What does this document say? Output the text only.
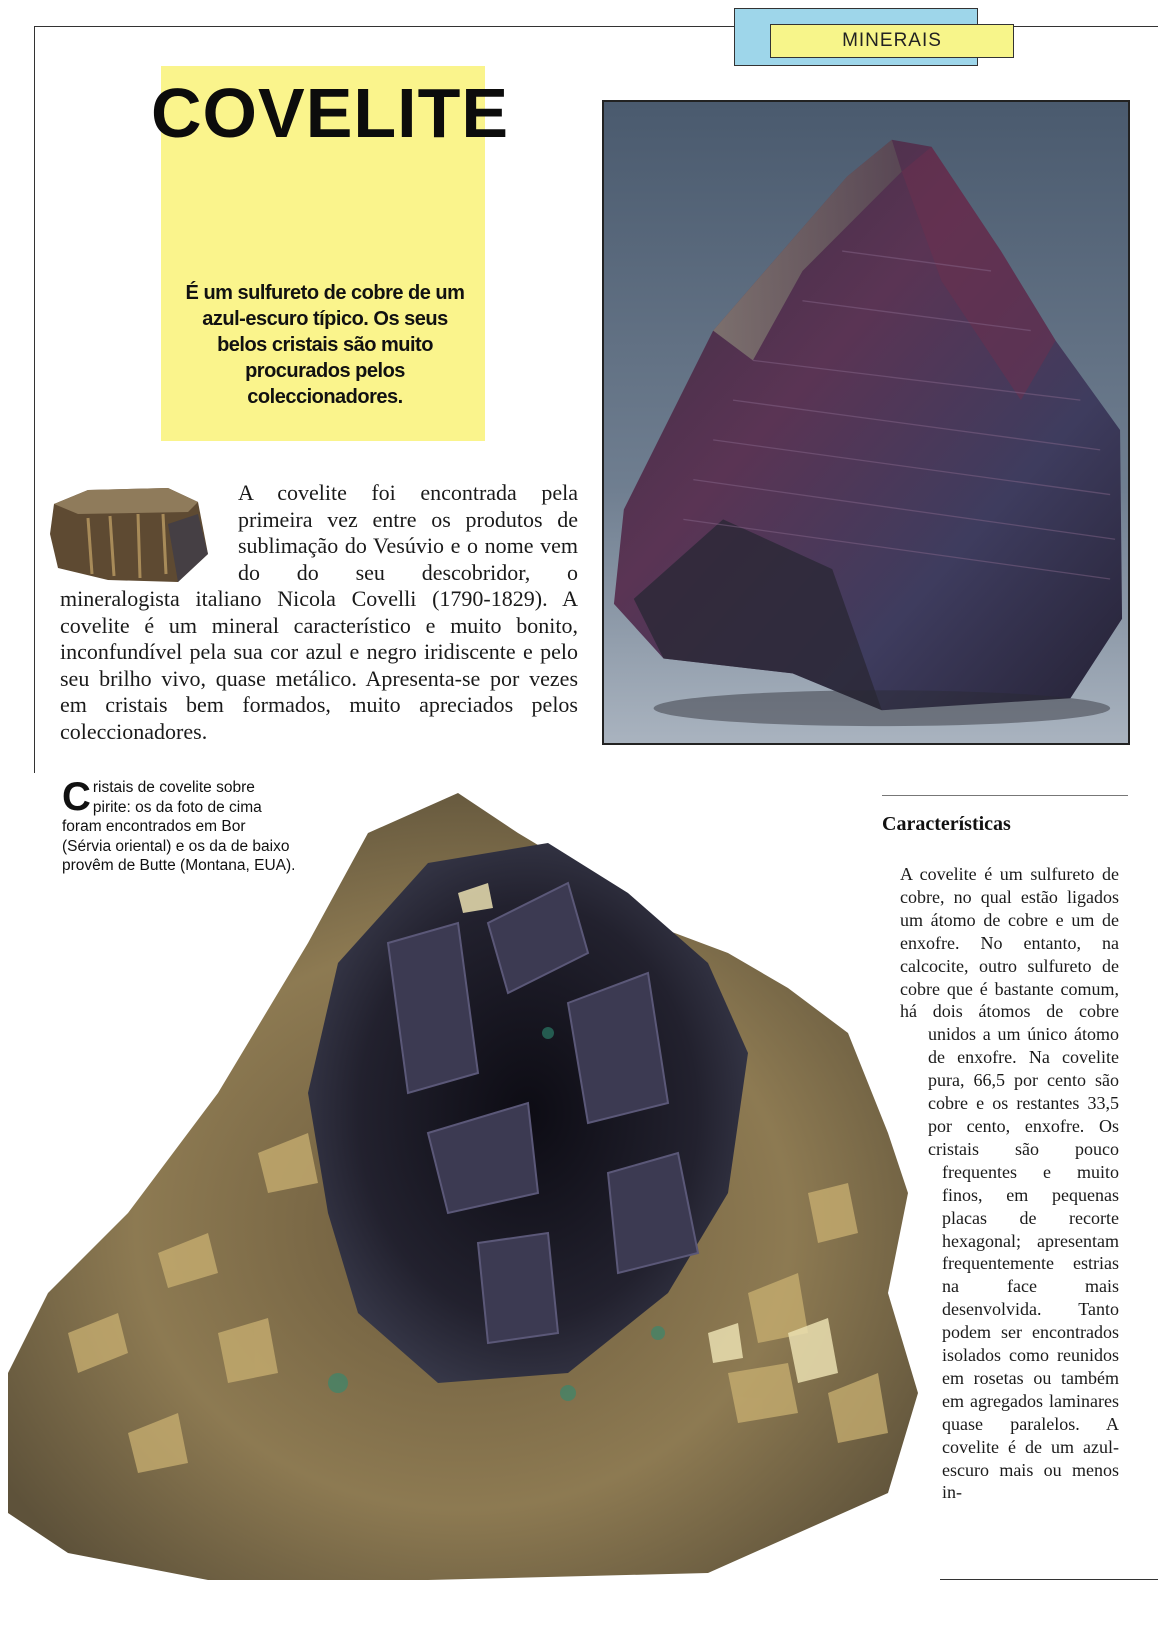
MINERAIS
COVELITE

É um sulfureto de cobre de um azul-escuro típico. Os seus belos cristais são muito procurados pelos coleccionadores.

A covelite foi encontrada pela primeira vez entre os produtos de sublimação do Vesúvio e o nome vem do do seu descobridor, o mineralogista italiano Nicola Covelli (1790-1829). A covelite é um mineral característico e muito bonito, inconfundível pela sua cor azul e negro iridiscente e pelo seu brilho vivo, quase metálico. Apresenta-se por vezes em cristais bem formados, muito apreciados pelos coleccionadores.

Cristais de covelite sobre pirite: os da foto de cima foram encontrados em Bor (Sérvia oriental) e os da de baixo provêm de Butte (Montana, EUA).

Características

A covelite é um sulfureto de cobre, no qual estão ligados um átomo de cobre e um de enxofre. No entanto, na calcocite, outro sulfureto de cobre que é bastante comum, há dois átomos de cobre unidos a um único átomo de enxofre. Na covelite pura, 66,5 por cento são cobre e os restantes 33,5 por cento, enxofre. Os cristais são pouco frequentes e muito finos, em pequenas placas de recorte hexagonal; apresentam frequentemente estrias na face mais desenvolvida. Tanto podem ser encontrados isolados como reunidos em rosetas ou também em agregados laminares quase paralelos. A covelite é de um azul-escuro mais ou menos in-
